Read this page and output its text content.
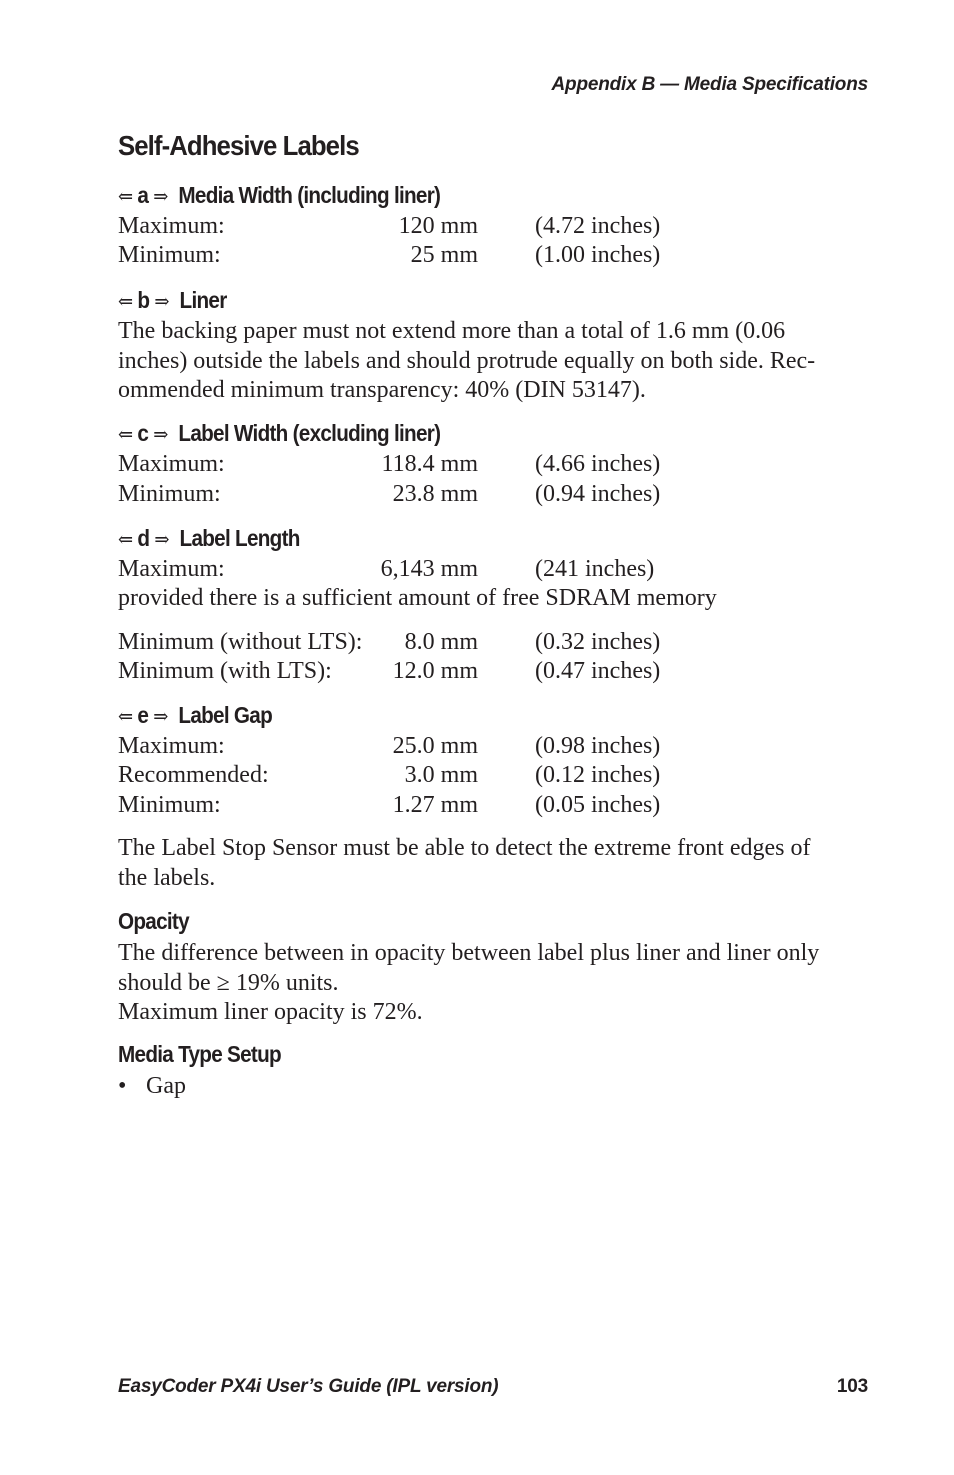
Appendix B — Media Specifications
Self-Adhesive Labels
⇐ a ⇒ Media Width (including liner)
Maximum:	120 mm (4.72 inches)
Minimum:	25 mm (1.00 inches)
⇐ b ⇒ Liner
The backing paper must not extend more than a total of 1.6 mm (0.06
inches) outside the labels and should protrude equally on both side. Rec-
ommended minimum transparency: 40% (DIN 53147).
⇐ c ⇒ Label Width (excluding liner)
Maximum:	118.4 mm (4.66 inches)
Minimum:	23.8 mm (0.94 inches)
⇐ d ⇒ Label Length
Maximum:	6,143 mm (241 inches)
provided there is a sufficient amount of free SDRAM memory
Minimum (without LTS): 8.0 mm (0.32 inches)
Minimum (with LTS):	12.0 mm (0.47 inches)
⇐ e ⇒ Label Gap
Maximum:	25.0 mm (0.98 inches)
Recommended:	3.0 mm (0.12 inches)
Minimum:	1.27 mm (0.05 inches)
The Label Stop Sensor must be able to detect the extreme front edges of
the labels.
Opacity
The difference between in opacity between label plus liner and liner only
should be ≥ 19% units.
Maximum liner opacity is 72%.
Media Type Setup
• Gap
EasyCoder PX4i User’s Guide (IPL version)	103
